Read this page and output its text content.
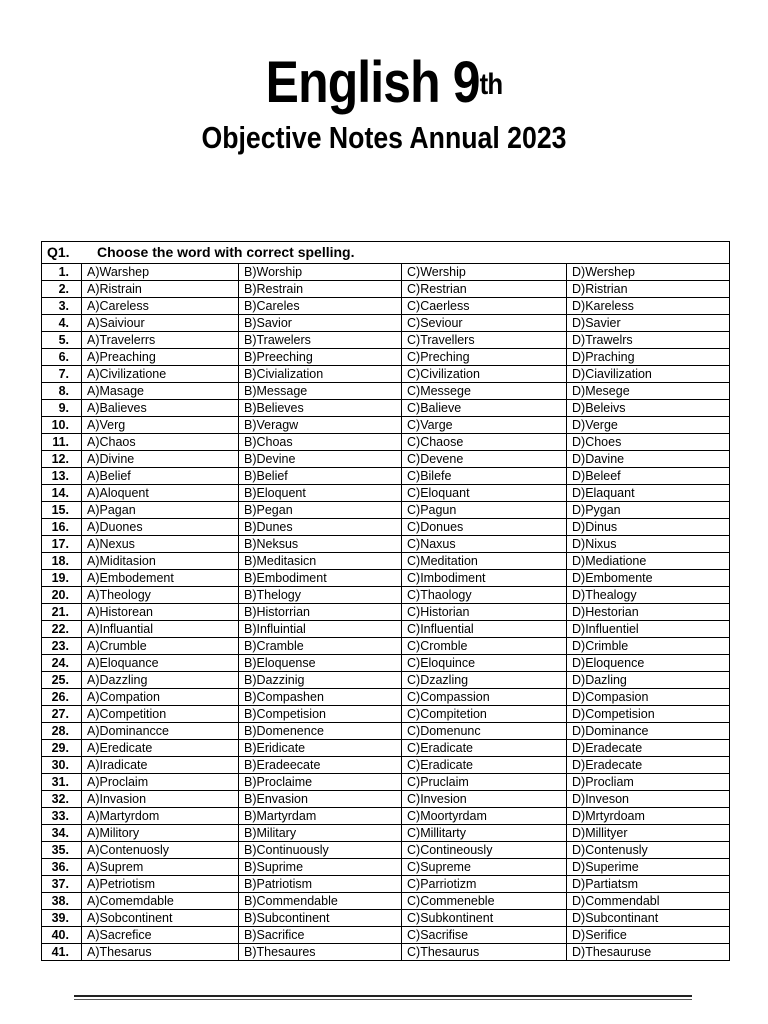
English 9th
Objective Notes Annual 2023
Q1. Choose the word with correct spelling.				
1.	A)Warshep	B)Worship	C)Wership	D)Wershep
2.	A)Ristrain	B)Restrain	C)Restrian	D)Ristrian
3.	A)Careless	B)Careles	C)Caerless	D)Kareless
4.	A)Saiviour	B)Savior	C)Seviour	D)Savier
5.	A)Travelerrs	B)Trawelers	C)Travellers	D)Trawelrs
6.	A)Preaching	B)Preeching	C)Preching	D)Praching
7.	A)Civilizatione	B)Civialization	C)Civilization	D)Ciavilization
8.	A)Masage	B)Message	C)Messege	D)Mesege
9.	A)Balieves	B)Believes	C)Balieve	D)Beleivs
10.	A)Verg	B)Veragw	C)Varge	D)Verge
11.	A)Chaos	B)Choas	C)Chaose	D)Choes
12.	A)Divine	B)Devine	C)Devene	D)Davine
13.	A)Belief	B)Belief	C)Bilefe	D)Beleef
14.	A)Aloquent	B)Eloquent	C)Eloquant	D)Elaquant
15.	A)Pagan	B)Pegan	C)Pagun	D)Pygan
16.	A)Duones	B)Dunes	C)Donues	D)Dinus
17.	A)Nexus	B)Neksus	C)Naxus	D)Nixus
18.	A)Miditasion	B)Meditasicn	C)Meditation	D)Mediatione
19.	A)Embodement	B)Embodiment	C)Imbodiment	D)Embomente
20.	A)Theology	B)Thelogy	C)Thaology	D)Thealogy
21.	A)Historean	B)Historrian	C)Historian	D)Hestorian
22.	A)Influantial	B)Influintial	C)Influential	D)Influentiel
23.	A)Crumble	B)Cramble	C)Cromble	D)Crimble
24.	A)Eloquance	B)Eloquense	C)Eloquince	D)Eloquence
25.	A)Dazzling	B)Dazzinig	C)Dzazling	D)Dazling
26.	A)Compation	B)Compashen	C)Compassion	D)Compasion
27.	A)Competition	B)Competision	C)Compitetion	D)Competision
28.	A)Dominancce	B)Domenence	C)Domenunc	D)Dominance
29.	A)Eredicate	B)Eridicate	C)Eradicate	D)Eradecate
30.	A)Iradicate	B)Eradeecate	C)Eradicate	D)Eradecate
31.	A)Proclaim	B)Proclaime	C)Pruclaim	D)Procliam
32.	A)Invasion	B)Envasion	C)Invesion	D)Inveson
33.	A)Martyrdom	B)Martyrdam	C)Moortyrdam	D)Mrtyrdoam
34.	A)Militory	B)Military	C)Millitarty	D)Millityer
35.	A)Contenuosly	B)Continuously	C)Contineously	D)Contenusly
36.	A)Suprem	B)Suprime	C)Supreme	D)Superime
37.	A)Petriotism	B)Patriotism	C)Parriotizm	D)Partiatsm
38.	A)Comemdable	B)Commendable	C)Commeneble	D)Commendabl
39.	A)Sobcontinent	B)Subcontinent	C)Subkontinent	D)Subcontinant
40.	A)Sacrefice	B)Sacrifice	C)Sacrifise	D)Serifice
41.	A)Thesarus	B)Thesaures	C)Thesaurus	D)Thesauruse
